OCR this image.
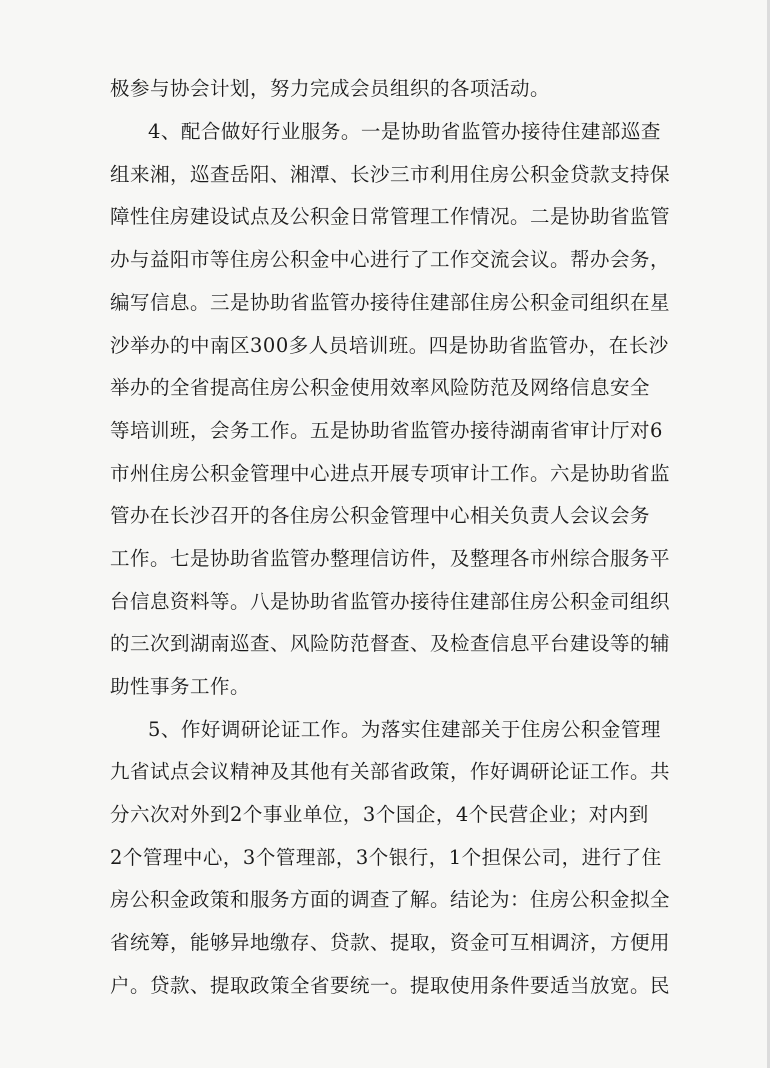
极参与协会计划，努力完成会员组织的各项活动。
4、配合做好行业服务。一是协助省监管办接待住建部巡查
组来湘，巡查岳阳、湘潭、长沙三市利用住房公积金贷款支持保
障性住房建设试点及公积金日常管理工作情况。二是协助省监管
办与益阳市等住房公积金中心进行了工作交流会议。帮办会务，
编写信息。三是协助省监管办接待住建部住房公积金司组织在星
沙举办的中南区300多人员培训班。四是协助省监管办，在长沙
举办的全省提高住房公积金使用效率风险防范及网络信息安全
等培训班，会务工作。五是协助省监管办接待湖南省审计厅对6
市州住房公积金管理中心进点开展专项审计工作。六是协助省监
管办在长沙召开的各住房公积金管理中心相关负责人会议会务
工作。七是协助省监管办整理信访件，及整理各市州综合服务平
台信息资料等。八是协助省监管办接待住建部住房公积金司组织
的三次到湖南巡查、风险防范督查、及检查信息平台建设等的辅
助性事务工作。
5、作好调研论证工作。为落实住建部关于住房公积金管理
九省试点会议精神及其他有关部省政策，作好调研论证工作。共
分六次对外到2个事业单位，3个国企，4个民营企业；对内到
2个管理中心，3个管理部，3个银行，1个担保公司，进行了住
房公积金政策和服务方面的调查了解。结论为：住房公积金拟全
省统筹，能够异地缴存、贷款、提取，资金可互相调济，方便用
户。贷款、提取政策全省要统一。提取使用条件要适当放宽。民
